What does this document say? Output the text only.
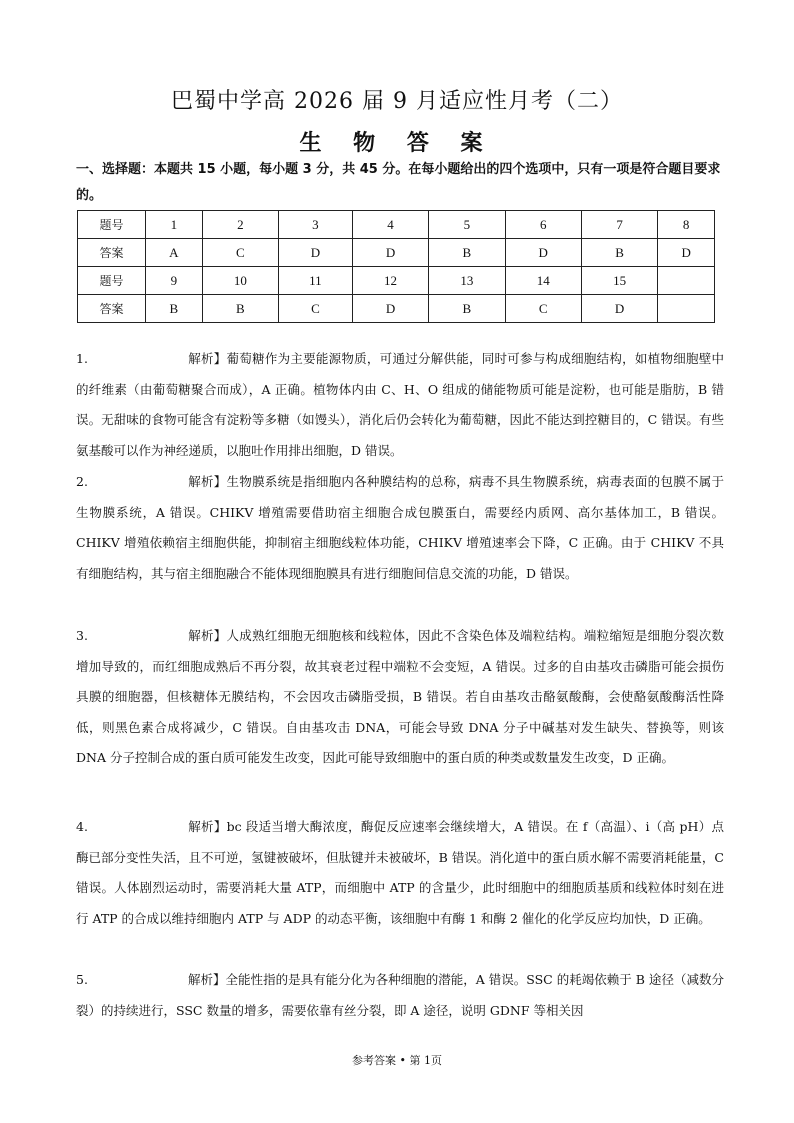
巴蜀中学高 2026 届 9 月适应性月考（二）
生 物 答 案
一、选择题：本题共 15 小题，每小题 3 分，共 45 分。在每小题给出的四个选项中，只有一项是符合题目要求的。
题号	1	2	3	4	5	6	7	8
答案	A	C	D	D	B	D	B	D
题号	9	10	11	12	13	14	15	
答案	B	B	C	D	B	C	D	
1.	解析】葡萄糖作为主要能源物质，可通过分解供能，同时可参与构成细胞结构，如植物细胞壁中的纤维素（由葡萄糖聚合而成），A 正确。植物体内由 C、H、O 组成的储能物质可能是淀粉，也可能是脂肪，B 错误。无甜味的食物可能含有淀粉等多糖（如馒头），消化后仍会转化为葡萄糖，因此不能达到控糖目的，C 错误。有些氨基酸可以作为神经递质，以胞吐作用排出细胞，D 错误。
2.	解析】生物膜系统是指细胞内各种膜结构的总称，病毒不具生物膜系统，病毒表面的包膜不属于生物膜系统，A 错误。CHIKV 增殖需要借助宿主细胞合成包膜蛋白，需要经内质网、高尔基体加工，B 错误。CHIKV 增殖依赖宿主细胞供能，抑制宿主细胞线粒体功能，CHIKV 增殖速率会下降，C 正确。由于 CHIKV 不具有细胞结构，其与宿主细胞融合不能体现细胞膜具有进行细胞间信息交流的功能，D 错误。
3.	解析】人成熟红细胞无细胞核和线粒体，因此不含染色体及端粒结构。端粒缩短是细胞分裂次数增加导致的，而红细胞成熟后不再分裂，故其衰老过程中端粒不会变短，A 错误。过多的自由基攻击磷脂可能会损伤具膜的细胞器，但核糖体无膜结构，不会因攻击磷脂受损，B 错误。若自由基攻击酪氨酸酶，会使酪氨酸酶活性降低，则黑色素合成将减少，C 错误。自由基攻击 DNA，可能会导致 DNA 分子中碱基对发生缺失、替换等，则该 DNA 分子控制合成的蛋白质可能发生改变，因此可能导致细胞中的蛋白质的种类或数量发生改变，D 正确。
4.	解析】bc 段适当增大酶浓度，酶促反应速率会继续增大，A 错误。在 f（高温）、i（高 pH）点酶已部分变性失活，且不可逆，氢键被破坏，但肽键并未被破坏，B 错误。消化道中的蛋白质水解不需要消耗能量，C 错误。人体剧烈运动时，需要消耗大量 ATP，而细胞中 ATP 的含量少，此时细胞中的细胞质基质和线粒体时刻在进行 ATP 的合成以维持细胞内 ATP 与 ADP 的动态平衡，该细胞中有酶 1 和酶 2 催化的化学反应均加快，D 正确。
5.	解析】全能性指的是具有能分化为各种细胞的潜能，A 错误。SSC 的耗竭依赖于 B 途径（减数分裂）的持续进行，SSC 数量的增多，需要依靠有丝分裂，即 A 途径，说明 GDNF 等相关因
参考答案 • 第 1页
